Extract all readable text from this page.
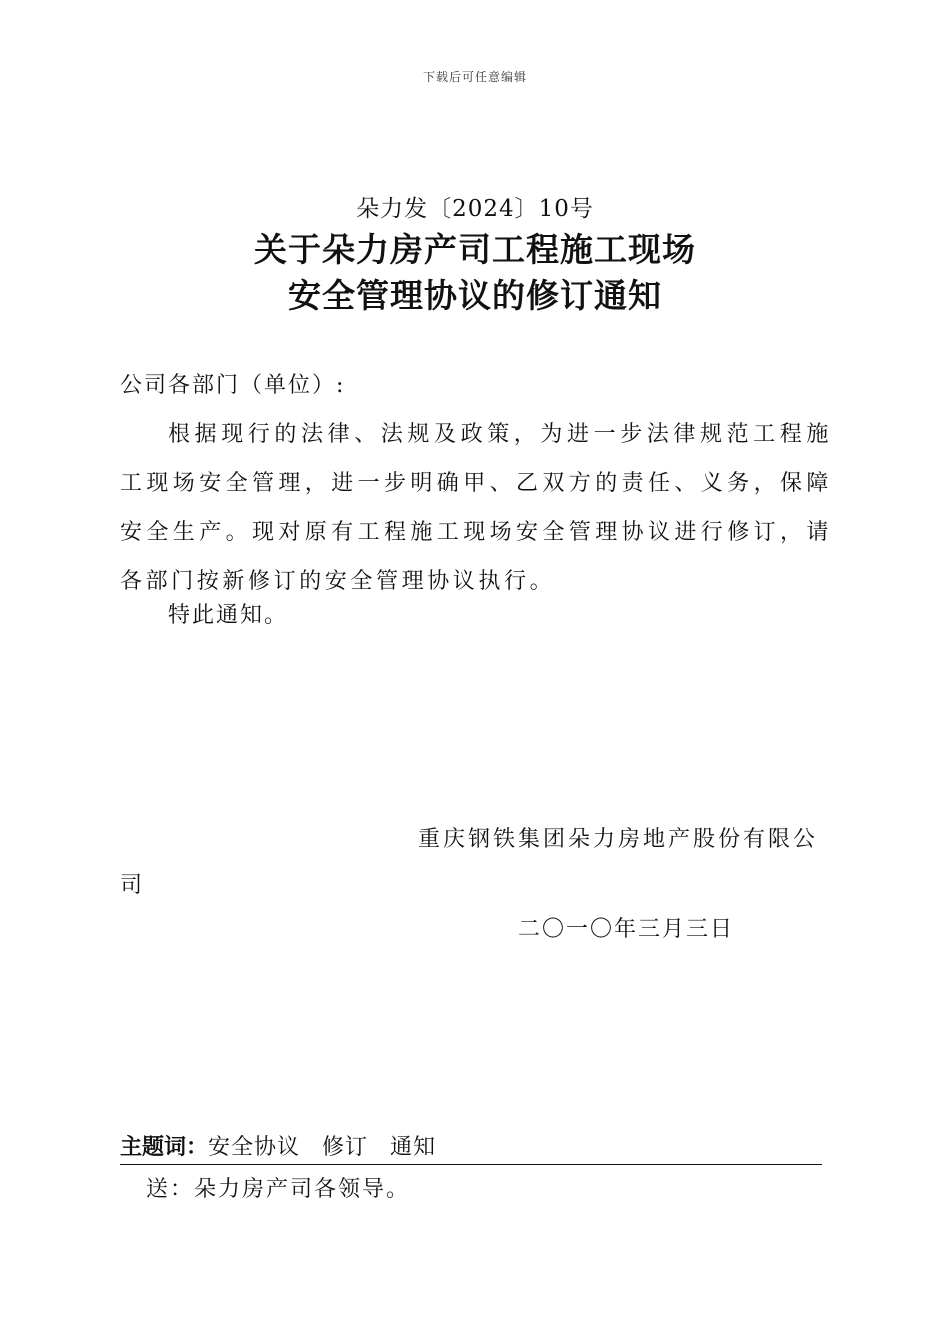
下载后可任意编辑
朵力发〔2024〕10号
关于朵力房产司工程施工现场
安全管理协议的修订通知
公司各部门（单位）:

根据现行的法律、法规及政策，为进一步法律规范工程施工现场安全管理，进一步明确甲、乙双方的责任、义务，保障安全生产。现对原有工程施工现场安全管理协议进行修订，请各部门按新修订的安全管理协议执行。

特此通知。
重庆钢铁集团朵力房地产股份有限公
司
二〇一〇年三月三日
主题词：安全协议 修订 通知
送：朵力房产司各领导。
